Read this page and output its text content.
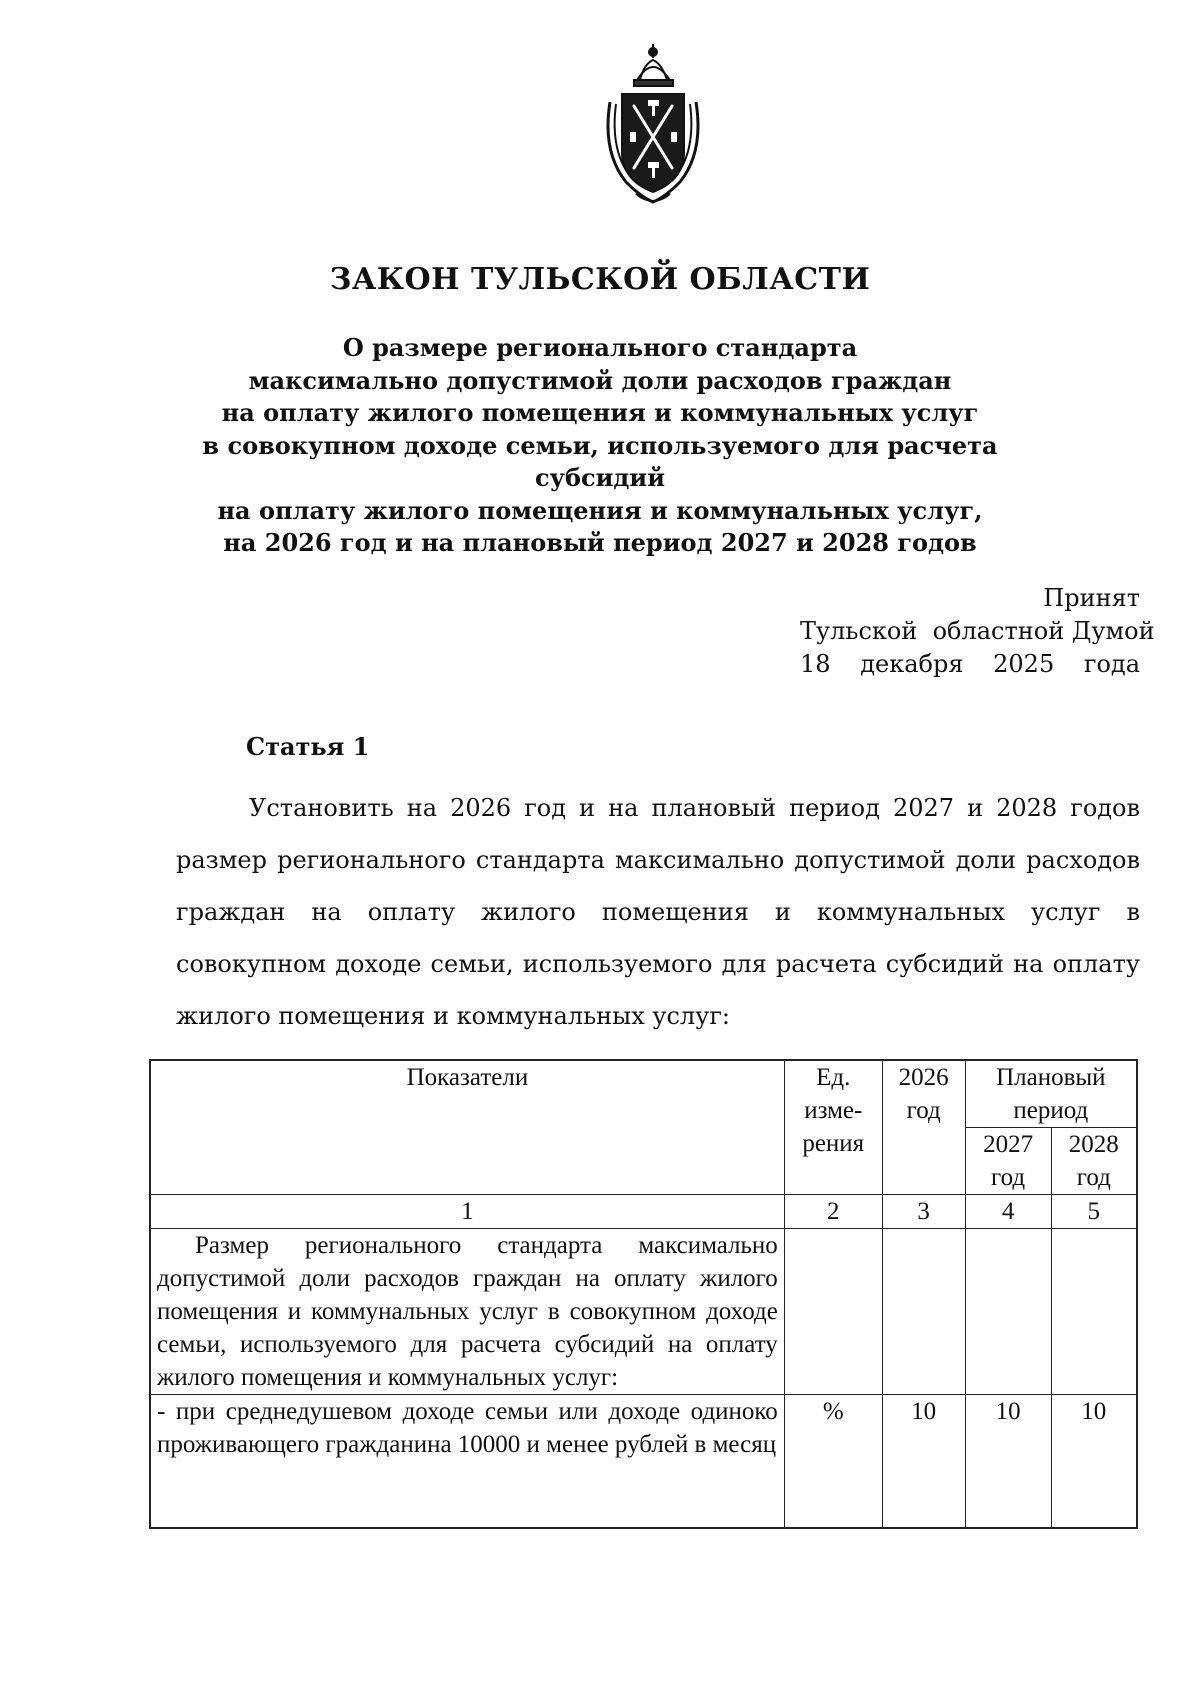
ЗАКОН ТУЛЬСКОЙ ОБЛАСТИ
О размере регионального стандарта
максимально допустимой доли расходов граждан
на оплату жилого помещения и коммунальных услуг
в совокупном доходе семьи, используемого для расчета субсидий
на оплату жилого помещения и коммунальных услуг,
на 2026 год и на плановый период 2027 и 2028 годов
Принят
Тульской  областной Думой
18 декабря 2025 года
Статья 1

Установить на 2026 год и на плановый период 2027 и 2028 годов размер регионального стандарта максимально допустимой доли расходов граждан на оплату жилого помещения и коммунальных услуг в совокупном доходе семьи, используемого для расчета субсидий на оплату жилого помещения и коммунальных услуг:

Показатели	Ед. изме-рения	2026 год	Плановый период	
			2027 год	2028 год
1	2	3	4	5
Размер регионального стандарта максимально допустимой доли расходов граждан на оплату жилого помещения и коммунальных услуг в совокупном доходе семьи, используемого для расчета субсидий на оплату жилого помещения и коммунальных услуг:				
- при среднедушевом доходе семьи или доходе одиноко проживающего гражданина 10000 и менее рублей в месяц	%	10	10	10
